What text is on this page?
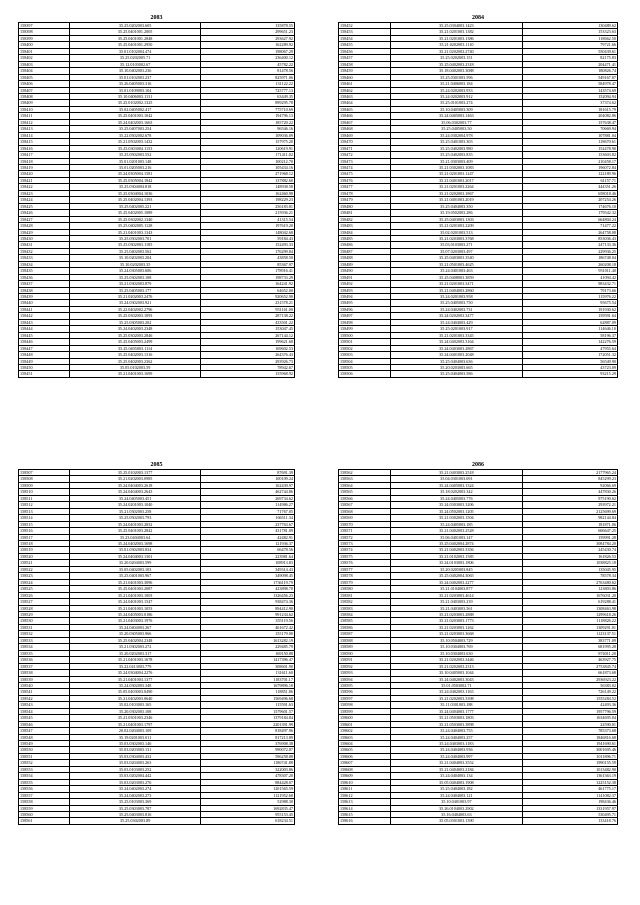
2083
158397	35.25.0202003.605	135878.55
158398	35.25.0401001.2005	299651.23
158399	35.25.0401001.2848	293627.92
158400	35.25.0401001.2950	162289.92
158401	35.01.0102004.474	198067.29
158402	35.25.0202005.71	236400.12
158403	35.12.0103002.67	45782.22
158404	35.10.0402003.236	81478.56
158405	35.01.0102003.237	825971.06
158406	35.26.0405003.316	131122.22
158407	35.01.0109003.104	725777.13
158408	35.10.0406003.1131	63449.35
158409	35.25.0102002.1325	899295.78
158410	35.02.0405002.417	775710.69
158411	35.25.0401003.1042	194796.13
158412	35.24.0402003.1663	185720.22
158413	35.25.0407003.254	96546.16
158414	35.22.0502002.678	109036.09
158415	35.21.0502003.1432	157975.20
158416	35.25.0303004.1153	120619.91
158417	35.25.0502003.552	171411.02
158418	35.01.0201003.148	100212.70
158419	35.01.0205003.216	105434.16
158420	35.24.0305004.1581	271968.12
158421	35.25.0305004.1842	137882.60
158422	35.25.0304004.818	148938.58
158423	35.25.0304004.1036	162460.98
158424	35.25.0402004.1393	198229.23
158425	35.25.0402005.221	256183.81
158426	35.25.0402005.1089	215936.21
158427	35.25.0302002.1340	41315.54
158428	35.25.0402005.1128	197619.20
158429	35.21.0401003.1343	148042.68
158430	35.25.0502003.701	59184.43
158431	35.25.0302003.1185	152493.33
158432	35.25.0402003.562	176299.84
158433	35.10.0202003.204	43858.50
158434	35.10.0202003.35	85367.97
158435	35.24.0305003.606	178916.41
158436	35.25.0302003.108	198733.29
158437	35.21.0302003.879	164241.92
158438	35.25.0405003.177	64652.00
158439	35.21.0202003.2476	920652.90
158440	35.24.0302003.921	231578.21
158441	35.22.0402002.2796	951161.00
158442	35.25.0302003.1093	287138.22
158443	35.25.0305003.202	433501.22
158444	35.24.0402003.2348	153047.45
158445	35.25.0302003.2846	267144.12
158446	35.25.0405003.2499	199621.68
158447	35.25.0405003.1114	169602.53
158448	35.25.0402003.1316	264376.43
158449	35.25.0402003.2362	293926.73
158450	35.05.0102003.59	78942.67
158451	35.21.0401003.1699	155968.92
2084
158452	35.25.0304003.1423	130489.62
158453	35.21.0201003.1382	153323.63
158454	35.21.0201003.1386	118662.50
158455	35.21.0202003.1110	79721.66
158456	35.21.0202003.2740	550439.61
158457	35.25.0202003.151	82175.83
158458	35.25.0402003.2318	204471.41
158459	35.18.0402003.3088	180826.74
158460	35.25.0301003.596	549167.07
158461	35.21.0406003.184	584978.47
158462	35.24.0202003.933	143574.69
158463	35.24.0202003.912	152094.94
158464	35.25.0101003.274	37374.62
158465	35.10.0405003.309	181615.79
158466	35.24.0405003.1463	204082.86
158467	35.06.0302003.77	157638.47
158468	35.25.0405003.50	70669.94
158469	35.24.0302004.978	107881.04
158470	35.25.0401003.303	118670.61
158471	35.25.0402003.980	152478.90
158472	35.25.0402003.835	153603.82
158473	35.21.0303003.409	210458.17
158474	35.21.0302003.1083	196072.84
158475	35.21.0201003.1247	122189.96
158476	35.21.0401003.2017	61157.71
158477	35.21.0201003.2264	444351.26
158478	35.21.0202003.1867	658018.46
158479	35.21.0401003.2019	207254.26
158480	35.25.0404003.350	174676.10
158481	35.19.0502003.286	179542.32
158482	35.25.0403003.1303	664804.24
158483	35.21.0201003.2209	71477.22
158484	35.02.0201003.513	264758.08
158485	35.21.0203003.3768	853036.43
158486	35.03.0103003.271	247133.36
158487	35.07.0203003.497	229936.25
158488	35.25.0403003.3540	186748.04
158489	35.21.0501003.4625	260208.18
158490	35.24.0401003.463	951011.40
158491	35.25.0408003.3859	41094.42
158492	35.21.0201003.3471	983432.71
158493	35.21.0404003.2860	79173.66
158494	35.24.0201003.958	115976.22
158495	35.25.0405003.750	95675.54
158496	35.24.0402003.731	191930.62
158497	35.24.0202003.3477	159591.64
158498	35.24.0404003.429	62887.09
158499	35.25.0201003.917	114646.10
158500	35.21.0201003.3345	58196.37
158501	35.24.0402003.3164	142276.59
158502	35.24.0403003.2867	47955.64
158503	35.24.0401003.2048	172051.32
158504	35.25.0404003.636	56549.90
158505	35.20.0203003.665	43723.09
158506	35.25.0404003.586	93215.29
2085
158507	35.25.0102003.1377	87691.39
158508	35.21.0202003.0985	100109.24
158509	35.24.0404003.2618	162439.97
158510	35.24.0404003.2643	462744.86
158511	35.24.0405003.451	269734.62
158512	35.24.0201003.1040	114986.27
158513	35.21.0302003.258	71767.05
158514	35.25.0502003.793	166511.34
158515	35.24.0401003.2832	237763.67
158516	35.25.0401003.2842	431781.09
158517	35.23.0404003.64	42482.91
158518	35.24.0402003.1698	121936.37
158519	35.01.0302003.834	66478.56
158520	35.24.0404003.1301	223981.64
158521	35.20.0204003.599	108913.83
158522	35.05.0402003.103	349314.43
158523	35.25.0401003.967	349098.45
158524	35.21.0401003.3096	1736119.79
158525	35.25.0401003.2087	423898.70
158526	35.21.0401003.1003	1326456.23
158527	35.24.0401003.1547	938474.36
158528	35.21.0401003.1053	894412.90
158529	35.24.0405003.0186	991234.62
158530	35.21.0403003.1976	355119.56
158531	35.24.0404003.267	461672.42
158532	35.20.0305003.966	155179.00
158533	35.25.0402004.2348	1613282.19
158534	35.21.0302003.272	229485.79
158535	35.20.0202003.317	169150.88
158536	35.21.0401003.1678	1417396.47
158537	35.22.0413003.779	308601.90
158538	35.24.0304004.2276	131611.60
158539	35.21.0401003.1377	1183701.17
158540	35.24.0302003.348	1679896.18
158541	35.05.0403003.0490	118851.86
158542	35.21.0402003.0640	1569496.68
158543	35.02.0103003.165	115591.63
158544	35.20.0302003.108	1579601.57
158545	35.21.0301003.2346	1379184.84
158546	35.21.0401003.1797	2201391.99
158547	20.02.0204003.109	818497.96
158548	35.19.0201003.011	817213.89
158549	35.03.0302003.146	376908.38
158550	35.03.0203003.131	990072.87
158551	35.03.0304003.432	596258.88
158552	35.03.0204003.263	1186741.88
158553	35.03.0103003.252	322003.86
158554	35.03.0202004.442	478307.20
158555	35.03.0203003.276	884428.07
158556	35.24.0402003.274	1201565.59
158557	35.24.0402003.273	1121952.68
158558	35.25.0103003.369	52988.30
158559	35.25.0303003.787	1692835.47
158560	35.25.0403003.816	955153.45
158561	35.25.0302003.89	618234.51
2086
158562	35.21.0403003.2518	2177965.24
158563	35.04.0301003.691	845299.23
158564	35.24.0405003.1324	92066.69
158565	35.18.0202003.342	447830.26
158566	35.24.0405003.776	975190.62
158567	35.24.0303003.3206	293972.21
158568	35.24.0502003.1205	2125699.69
158569	35.21.0302003.1504	982144.84
158570	35.24.0405003.185	181871.06
158571	35.21.0402003.2528	606647.25
158572	35.06.0401003.147	159991.28
158573	35.25.0402004.2874	3084784.20
158574	35.21.0402003.3356	245430.74
158575	35.21.0102003.1585	161826.53
158576	35.24.0103003.1806	1038825.18
158577	35.20.0205003.845	135045.95
158578	35.25.0402004.3065	78578.34
158579	35.24.0402003.2277	2763480.62
158580	35.21.0104003.877	123803.86
158581	35.21.0203003.4614	1676031.20
158582	35.21.0403003.239	619288.41
158583	35.21.0403003.561	1308463.98
158584	35.21.0203003.2888	1299618.26
158585	35.21.0203003.1773	1118826.22
158586	35.21.0203003.1262	1309291.01
158587	35.21.0203003.3668	1123137.51
158588	35.10.0504003.729	383771.09
158589	35.10.0304003.769	681995.28
158590	35.10.0304003.630	874011.20
158591	35.21.0202003.3446	463927.75
158592	35.21.0202003.2313	2753845.74
158593	35.10.0405003.1044	661873.68
158594	35.24.0402003.3043	2936923.22
158595	35.01.0503002.71	56383.02
158596	35.24.0402003.1165	726149.22
158597	35.21.0202003.3398	1555284.52
158598	35.11.0301003.188	42493.36
158599	35.24.0404003.1777	1957796.59
158600	35.21.0503003.1803	1634695.04
158601	35.21.0503003.3898	22590.01
158602	35.24.0404003.755	785373.68
158603	35.24.0404003.257	1846816.68
158604	35.24.0403003.1183	1941690.61
158605	35.24.0404003.936	3001695.46
158606	35.24.0404003.997	1011896.71
158607	35.21.0404003.3552	1990155.59
158608	35.21.0404003.2184	1013482.90
158609	35.24.0404003.134	1361363.19
158610	35.05.0404003.1908	1225152.38
158611	35.25.0404003.182	461775.17
158612	35.24.0404003.121	1141082.37
158613	35.10.0401003.97	198436.46
158614	35.26.0104003.2902	1331957.97
158615	35.16.0404003.63	530495.71
158616	35.05.0301003.1390	133418.76
